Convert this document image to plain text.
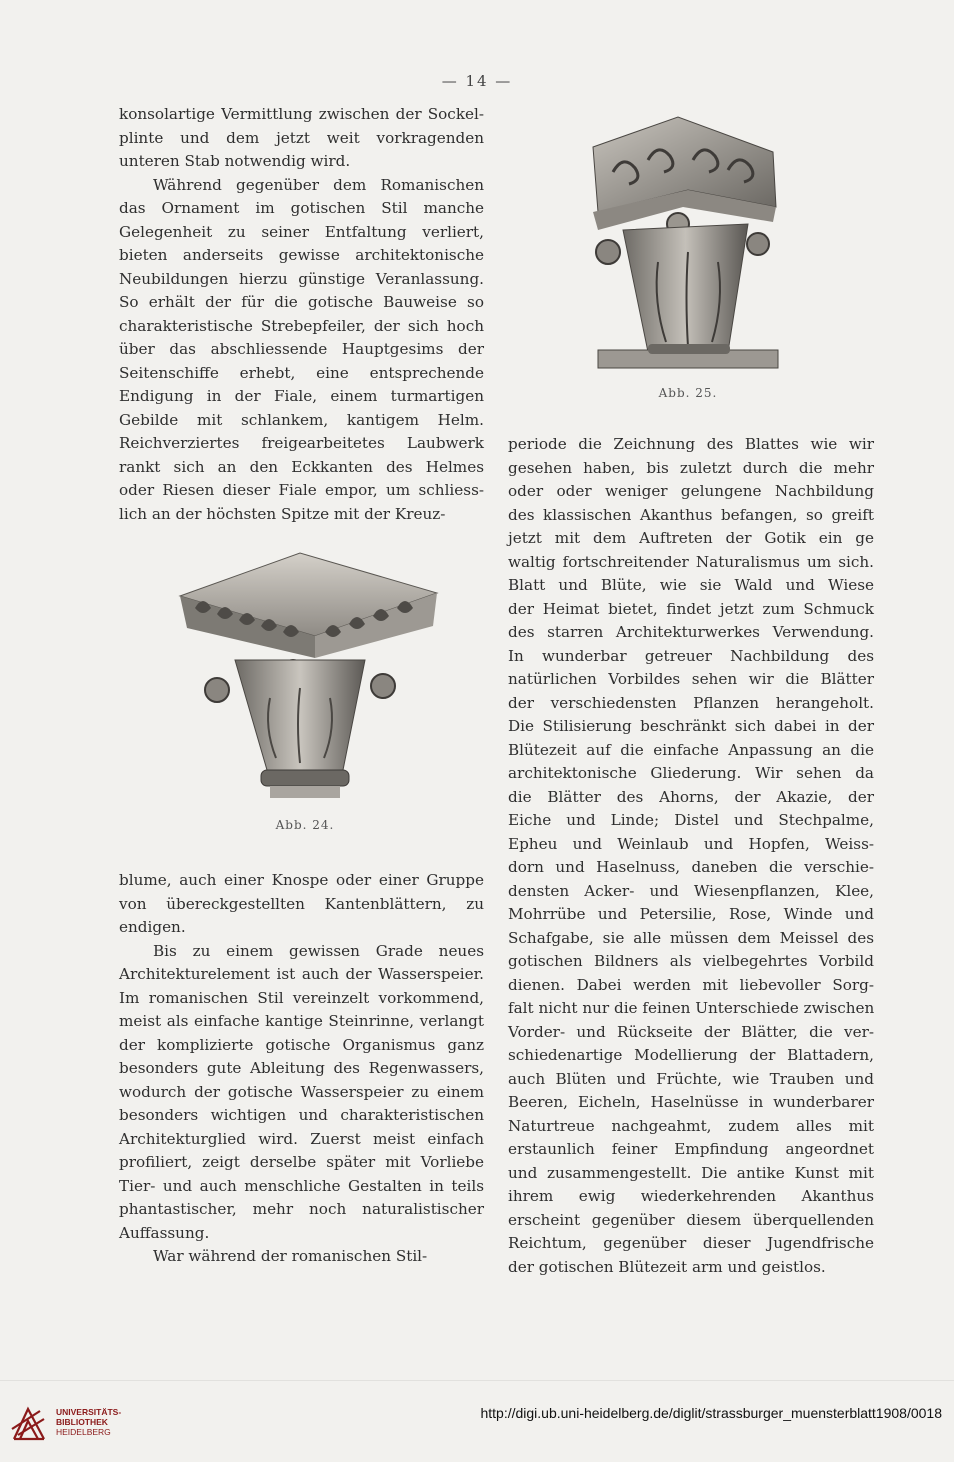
— 14 —

konsolartige Vermittlung zwischen der Sockel-
plinte und dem jetzt weit vorkragenden
unteren Stab notwendig wird.

Während gegenüber dem Romanischen
das Ornament im gotischen Stil manche
Gelegenheit zu seiner Entfaltung verliert,
bieten anderseits gewisse architektonische
Neubildungen hierzu günstige Veranlassung.
So erhält der für die gotische Bauweise so
charakteristische Strebepfeiler, der sich hoch
über das abschliessende Hauptgesims der
Seitenschiffe erhebt, eine entsprechende
Endigung in der Fiale, einem turmartigen
Gebilde mit schlankem, kantigem Helm.
Reichverziertes freigearbeitetes Laubwerk
rankt sich an den Eckkanten des Helmes
oder Riesen dieser Fiale empor, um schliess-
lich an der höchsten Spitze mit der Kreuz-

Abb. 24.

blume, auch einer Knospe oder einer Gruppe
von übereckgestellten Kantenblättern, zu
endigen.

Bis zu einem gewissen Grade neues
Architekturelement ist auch der Wasserspeier.
Im romanischen Stil vereinzelt vorkommend,
meist als einfache kantige Steinrinne, verlangt
der komplizierte gotische Organismus ganz
besonders gute Ableitung des Regenwassers,
wodurch der gotische Wasserspeier zu einem
besonders wichtigen und charakteristischen
Architekturglied wird. Zuerst meist einfach
profiliert, zeigt derselbe später mit Vorliebe
Tier- und auch menschliche Gestalten in teils
phantastischer, mehr noch naturalistischer
Auffassung.

War während der romanischen Stil-

Abb. 25.

periode die Zeichnung des Blattes wie wir
gesehen haben, bis zuletzt durch die mehr
oder oder weniger gelungene Nachbildung
des klassischen Akanthus befangen, so greift
jetzt mit dem Auftreten der Gotik ein ge
waltig fortschreitender Naturalismus um sich.
Blatt und Blüte, wie sie Wald und Wiese
der Heimat bietet, findet jetzt zum Schmuck
des starren Architekturwerkes Verwendung.
In wunderbar getreuer Nachbildung des
natürlichen Vorbildes sehen wir die Blätter
der verschiedensten Pflanzen herangeholt.
Die Stilisierung beschränkt sich dabei in der
Blütezeit auf die einfache Anpassung an die
architektonische Gliederung. Wir sehen da
die Blätter des Ahorns, der Akazie, der
Eiche und Linde; Distel und Stechpalme,
Epheu und Weinlaub und Hopfen, Weiss-
dorn und Haselnuss, daneben die verschie-
densten Acker- und Wiesenpflanzen, Klee,
Mohrrübe und Petersilie, Rose, Winde und
Schafgabe, sie alle müssen dem Meissel des
gotischen Bildners als vielbegehrtes Vorbild
dienen. Dabei werden mit liebevoller Sorg-
falt nicht nur die feinen Unterschiede zwischen
Vorder- und Rückseite der Blätter, die ver-
schiedenartige Modellierung der Blattadern,
auch Blüten und Früchte, wie Trauben und
Beeren, Eicheln, Haselnüsse in wunderbarer
Naturtreue nachgeahmt, zudem alles mit
erstaunlich feiner Empfindung angeordnet
und zusammengestellt. Die antike Kunst mit
ihrem ewig wiederkehrenden Akanthus
erscheint gegenüber diesem überquellenden
Reichtum, gegenüber dieser Jugendfrische
der gotischen Blütezeit arm und geistlos.

UNIVERSITÄTS-
BIBLIOTHEK
HEIDELBERG
http://digi.ub.uni-heidelberg.de/diglit/strassburger_muensterblatt1908/0018
